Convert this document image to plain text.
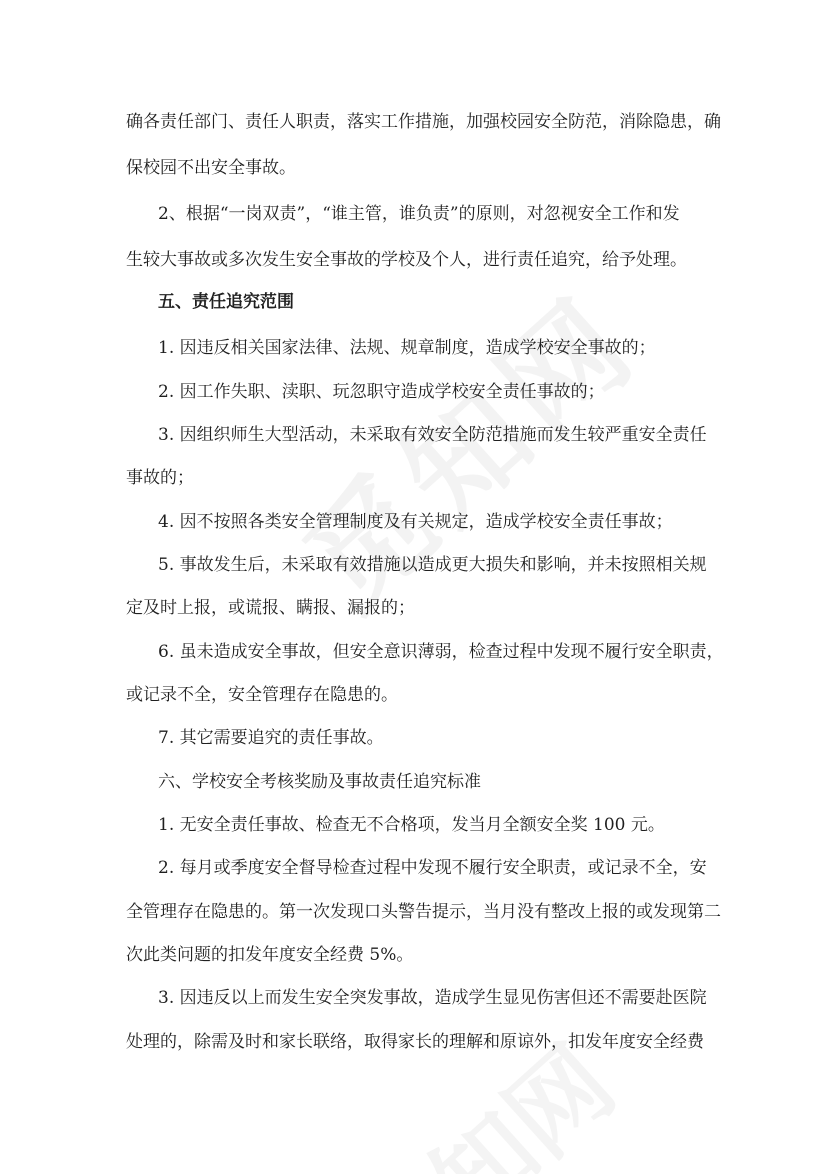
确各责任部门、责任人职责，落实工作措施，加强校园安全防范，消除隐患，确
保校园不出安全事故。
2、根据“一岗双责”，“谁主管，谁负责”的原则，对忽视安全工作和发
生较大事故或多次发生安全事故的学校及个人，进行责任追究，给予处理。
五、责任追究范围
1. 因违反相关国家法律、法规、规章制度，造成学校安全事故的；
2. 因工作失职、渎职、玩忽职守造成学校安全责任事故的；
3. 因组织师生大型活动，未采取有效安全防范措施而发生较严重安全责任
事故的；
4. 因不按照各类安全管理制度及有关规定，造成学校安全责任事故；
5. 事故发生后，未采取有效措施以造成更大损失和影响，并未按照相关规
定及时上报，或谎报、瞒报、漏报的；
6. 虽未造成安全事故，但安全意识薄弱，检查过程中发现不履行安全职责，
或记录不全，安全管理存在隐患的。
7. 其它需要追究的责任事故。
六、学校安全考核奖励及事故责任追究标准
1. 无安全责任事故、检查无不合格项，发当月全额安全奖 100 元。
2. 每月或季度安全督导检查过程中发现不履行安全职责，或记录不全，安
全管理存在隐患的。第一次发现口头警告提示，当月没有整改上报的或发现第二
次此类问题的扣发年度安全经费 5%。
3. 因违反以上而发生安全突发事故，造成学生显见伤害但还不需要赴医院
处理的，除需及时和家长联络，取得家长的理解和原谅外，扣发年度安全经费
